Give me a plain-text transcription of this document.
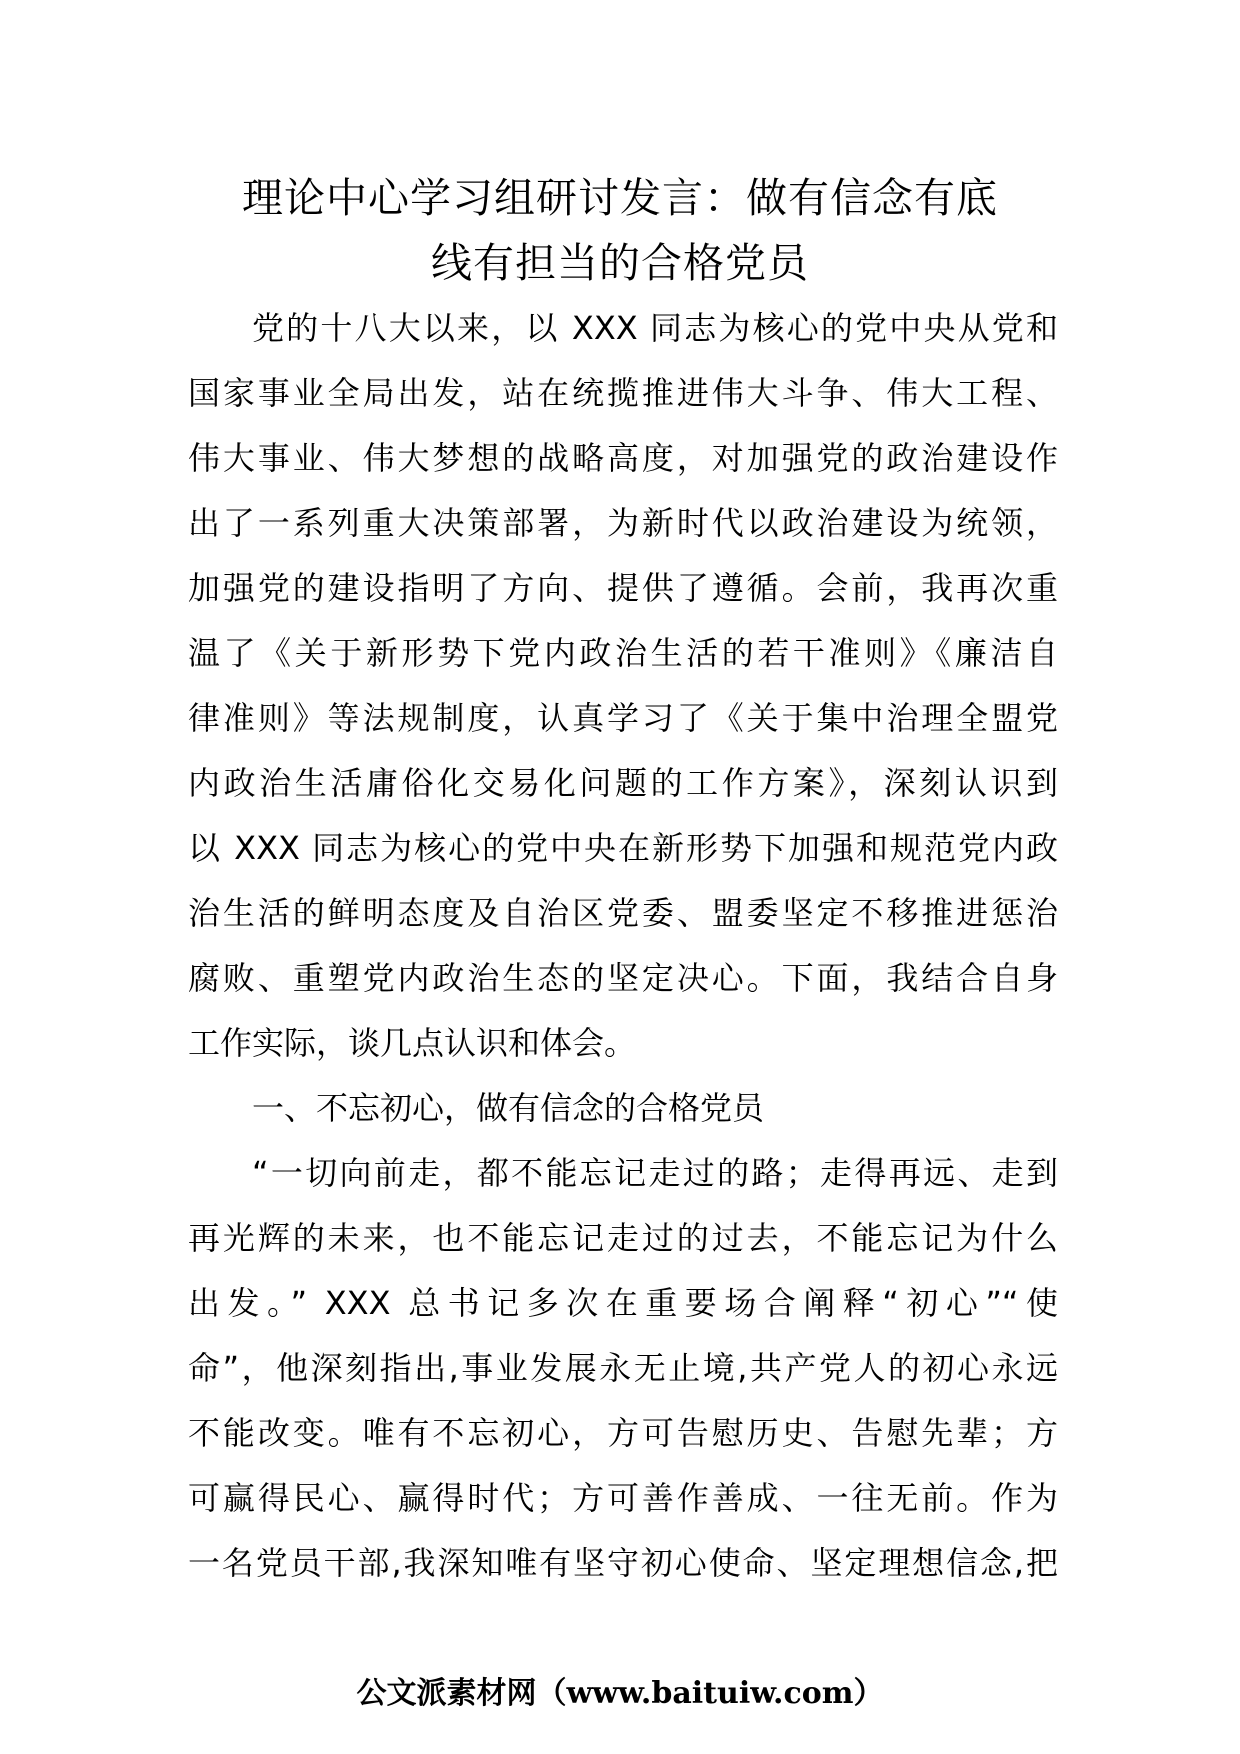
理论中心学习组研讨发言：做有信念有底
线有担当的合格党员
党的十八大以来，以 XXX 同志为核心的党中央从党和
国家事业全局出发，站在统揽推进伟大斗争、伟大工程、
伟大事业、伟大梦想的战略高度，对加强党的政治建设作
出了一系列重大决策部署，为新时代以政治建设为统领，
加强党的建设指明了方向、提供了遵循。会前，我再次重
温了《关于新形势下党内政治生活的若干准则》《廉洁自
律准则》等法规制度，认真学习了《关于集中治理全盟党
内政治生活庸俗化交易化问题的工作方案》，深刻认识到
以 XXX 同志为核心的党中央在新形势下加强和规范党内政
治生活的鲜明态度及自治区党委、盟委坚定不移推进惩治
腐败、重塑党内政治生态的坚定决心。下面，我结合自身
工作实际，谈几点认识和体会。
一、不忘初心，做有信念的合格党员
“一切向前走，都不能忘记走过的路；走得再远、走到
再光辉的未来，也不能忘记走过的过去，不能忘记为什么
出发。” XXX 总书记多次在重要场合阐释“初心”“使
命”，他深刻指出,事业发展永无止境,共产党人的初心永远
不能改变。唯有不忘初心，方可告慰历史、告慰先辈；方
可赢得民心、赢得时代；方可善作善成、一往无前。作为
一名党员干部,我深知唯有坚守初心使命、坚定理想信念,把
公文派素材网（www.baituiw.com）
